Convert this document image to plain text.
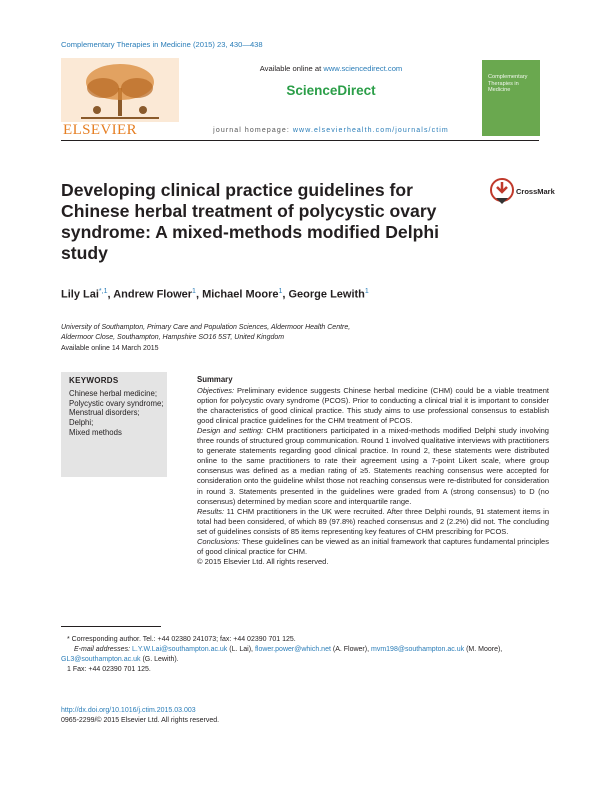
Complementary Therapies in Medicine (2015) 23, 430—438
ELSEVIER
Available online at www.sciencedirect.com
ScienceDirect
journal homepage: www.elsevierhealth.com/journals/ctim
Complementary Therapies in Medicine
Developing clinical practice guidelines for Chinese herbal treatment of polycystic ovary syndrome: A mixed-methods modified Delphi study
CrossMark
Lily Lai$^{*,1}$, Andrew Flower$^1$, Michael Moore$^1$, George Lewith$^1$
University of Southampton, Primary Care and Population Sciences, Aldermoor Health Centre,
Aldermoor Close, Southampton, Hampshire SO16 5ST, United Kingdom
Available online 14 March 2015
KEYWORDS
Chinese herbal medicine;
Polycystic ovary syndrome;
Menstrual disorders;
Delphi;
Mixed methods
Summary

Objectives: Preliminary evidence suggests Chinese herbal medicine (CHM) could be a viable treatment option for polycystic ovary syndrome (PCOS). Prior to conducting a clinical trial it is important to consider the characteristics of good clinical practice. This study aims to use professional consensus to establish good clinical practice guidelines for the CHM treatment of PCOS.

Design and setting: CHM practitioners participated in a mixed-methods modified Delphi study involving three rounds of structured group communication. Round 1 involved qualitative interviews with practitioners to generate statements regarding good clinical practice. In round 2, these statements were distributed online to the same practitioners to rate their agreement using a 7-point Likert scale, where group consensus was defined as a median rating of ≥5. Statements reaching consensus were accepted for consideration onto the guideline whilst those not reaching consensus were re-distributed for consideration in round 3. Statements presented in the guidelines were graded from A (strong consensus) to D (no consensus) determined by median score and interquartile range.

Results: 11 CHM practitioners in the UK were recruited. After three Delphi rounds, 91 statement items in total had been considered, of which 89 (97.8%) reached consensus and 2 (2.2%) did not. The concluding set of guidelines consists of 85 items representing key features of CHM prescribing for PCOS.

Conclusions: These guidelines can be viewed as an initial framework that captures fundamental principles of good clinical practice for CHM.

© 2015 Elsevier Ltd. All rights reserved.

* Corresponding author. Tel.: +44 02380 241073; fax: +44 02390 701 125.

E-mail addresses: L.Y.W.Lai@southampton.ac.uk (L. Lai), flower.power@which.net (A. Flower), mvm198@southampton.ac.uk (M. Moore),

GL3@southampton.ac.uk (G. Lewith).

1 Fax: +44 02390 701 125.

http://dx.doi.org/10.1016/j.ctim.2015.03.003
0965-2299/© 2015 Elsevier Ltd. All rights reserved.
